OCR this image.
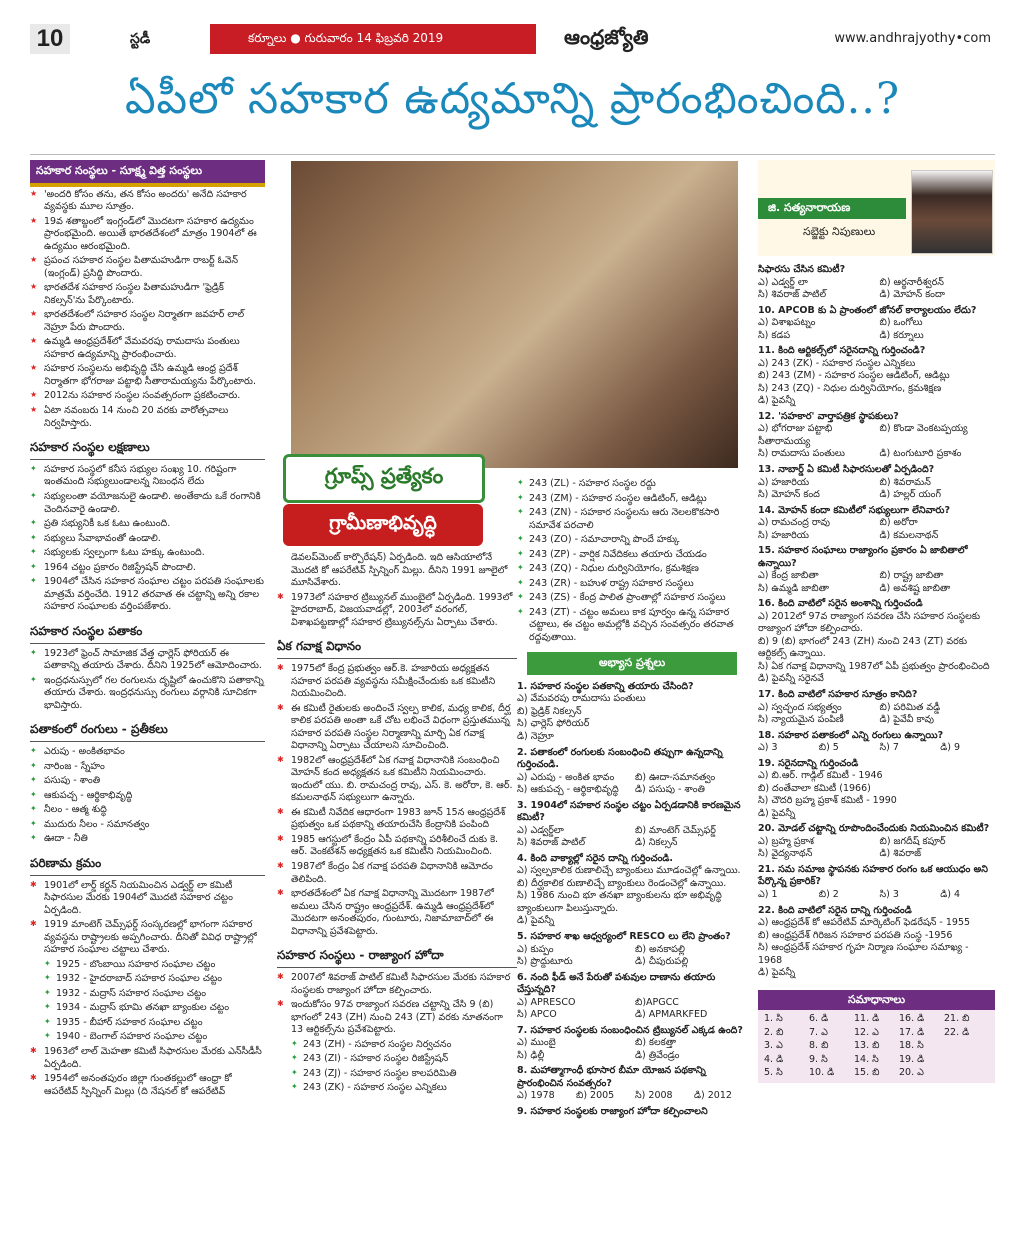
10	స్టడీ	కర్నూలు ● గురువారం 14 ఫిబ్రవరి 2019	ఆంధ్రజ్యోతి	www.andhrajyothy•com
ఏపీలో సహకార ఉద్యమాన్ని ప్రారంభించింది..?
సహకార సంస్థలు - సూక్ష్మ విత్త సంస్థలు
★ 'అందరి కోసం తను, తన కోసం అందరు' అనేది సహకార వ్యవస్థకు మూల సూత్రం.
★ 19వ శతాబ్దంలో ఇంగ్లండ్‌లో మొదటగా సహకార ఉద్యమం ప్రారంభమైంది. అయితే భారతదేశంలో మాత్రం 1904లో ఈ ఉద్యమం ఆరంభమైంది.
★ ప్రపంచ సహకార సంస్థల పితామహుడిగా రాబర్ట్ ఓవెన్ (ఇంగ్లండ్) ప్రసిద్ధి పొందారు.
★ భారతదేశ సహకార సంస్థల పితామహుడిగా 'ఫ్రెడ్రిక్ నికల్సన్'ను పేర్కొంటారు.
★ భారతదేశంలో సహకార సంస్థల నిర్మాతగా జవహర్ లాల్ నెహ్రూ పేరు పొందారు.
★ ఉమ్మడి ఆంధ్రప్రదేశ్‌లో వేమవరపు రామదాసు పంతులు సహకార ఉద్యమాన్ని ప్రారంభించారు.
★ సహకార సంస్థలను అభివృద్ధి చేసి ఉమ్మడి ఆంధ్ర ప్రదేశ్ నిర్మాతగా భోగరాజు పట్టాభి సీతారామయ్యను పేర్కొంటారు.
★ 2012ను సహకార సంస్థల సంవత్సరంగా ప్రకటించారు.
★ ఏటా నవంబరు 14 నుంచి 20 వరకు వారోత్సవాలు నిర్వహిస్తారు.
సహకార సంస్థల లక్షణాలు
✦ సహకార సంస్థలో కనీస సభ్యుల సంఖ్య 10. గరిష్టంగా ఇంతమంది సభ్యులుండాలన్న నిబంధన లేదు
✦ సభ్యులంతా వయోజనులై ఉండాలి. అంతేకాదు ఒకే రంగానికి చెందినవారై ఉండాలి.
✦ ప్రతి సభ్యునికీ ఒక ఓటు ఉంటుంది.
✦ సభ్యులు సేవాభావంతో ఉండాలి.
✦ సభ్యులకు స్వల్పంగా ఓటు హక్కు ఉంటుంది.
✦ 1964 చట్టం ప్రకారం రిజిస్ట్రేషన్ పొందాలి.
✦ 1904లో చేసిన సహకార సంఘాల చట్టం పరపతి సంఘాలకు మాత్రమే వర్తించేది. 1912 తరవాత ఈ చట్టాన్ని అన్ని రకాల సహకార సంఘాలకు వర్తింపజేశారు.
సహకార సంస్థల పతాకం
✦ 1923లో ఫ్రెంచ్ సామాజిక వేత్త ఛార్లెస్ ఫోరియర్ ఈ పతాకాన్ని తయారు చేశారు. దీనిని 1925లో ఆమోదించారు.
✦ ఇంద్రధనుస్సులో గల రంగులను దృష్టిలో ఉంచుకొని పతాకాన్ని తయారు చేశారు. ఇంద్రధనుస్సు రంగులు వర్గానికి సూచికగా భావిస్తారు.
పతాకంలో రంగులు - ప్రతీకలు
✦ ఎరుపు - అంకితభావం
✦ నారింజ - స్నేహం
✦ పసుపు - శాంతి
✦ ఆకుపచ్చ - ఆర్థికాభివృద్ధి
✦ నీలం - ఆత్మ శుద్ధి
✦ ముదురు నీలం - సమానత్వం
✦ ఊదా - నీతి
పరిణామ క్రమం
✱ 1901లో లార్డ్ కర్జన్ నియమించిన ఎడ్వర్డ్ లా కమిటీ సిఫారసుల మేరకు 1904లో మొదటి సహకార చట్టం ఏర్పడింది.
✱ 1919 మాంటెగ్ చెమ్స్‌ఫర్డ్ సంస్కరణల్లో భాగంగా సహకార వ్యవస్థను రాష్ట్రాలకు అప్పగించారు. దీనితో వివిధ రాష్ట్రాల్లో సహకార సంఘాల చట్టాలు చేశారు.
✦ 1925 - బొంబాయి సహకార సంఘాల చట్టం
✦ 1932 - హైదరాబాద్ సహకార సంఘాల చట్టం
✦ 1932 - మద్రాస్ సహకార సంఘాల చట్టం
✦ 1934 - మద్రాస్ భూమి తనఖా బ్యాంకుల చట్టం
✦ 1935 - బీహార్ సహకార సంఘాల చట్టం
✦ 1940 - బెంగాల్ సహకార సంఘాల చట్టం
✱ 1963లో లాల్ మెహతా కమిటీ సిఫారసుల మేరకు ఎన్‌సీడీసీ ఏర్పడింది.
✱ 1954లో అనంతపురం జిల్లా గుంతకల్లులో ఆంధ్రా కో ఆపరేటివ్ స్పిన్నింగ్ మిల్లు (ది నేషనల్ కో ఆపరేటివ్
గ్రూప్స్ ప్రత్యేకం
గ్రామీణాభివృద్ధి
డెవలప్‌మెంట్ కార్పొరేషన్) ఏర్పడింది. ఇది ఆసియాలోనే మొదటి కో ఆపరేటివ్ స్పిన్నింగ్ మిల్లు. దీనిని 1991 జూలైలో మూసివేశారు.
✱ 1973లో సహకార ట్రిబ్యునల్ ముంబైలో ఏర్పడింది. 1993లో హైదరాబాద్, విజయవాడల్లో, 2003లో వరంగల్, విశాఖపట్టణాల్లో సహకార ట్రిబ్యునల్స్‌ను ఏర్పాటు చేశారు.
ఏక గవాక్ష విధానం
✱ 1975లో కేంద్ర ప్రభుత్వం ఆర్.కె. హజారియ అధ్యక్షతన సహకార పరపతి వ్యవస్థను సమీక్షించేందుకు ఒక కమిటీని నియమించింది.
✱ ఈ కమిటీ రైతులకు అందించే స్వల్ప కాలిక, మధ్య కాలిక, దీర్ఘ కాలిక పరపతి అంతా ఒకే చోట లభించే విధంగా ప్రస్తుతమున్న సహకార పరపతి సంస్థల నిర్మాణాన్ని మార్చి ఏక గవాక్ష విధానాన్ని ఏర్పాటు చేయాలని సూచించింది.
✱ 1982లో ఆంధ్రప్రదేశ్‌లో ఏక గవాక్ష విధానానికి సంబంధించి మోహన్ కంద అధ్యక్షతన ఒక కమిటీని నియమించారు. ఇందులో యు. బి. రామచంద్ర రావు, ఎస్. కె. అరోరా, కె. ఆర్. కమలనాథన్ సభ్యులుగా ఉన్నారు.
✱ ఈ కమిటీ నివేదిక ఆధారంగా 1983 జూన్ 15న ఆంధ్రప్రదేశ్ ప్రభుత్వం ఒక పథకాన్ని తయారుచేసి కేంద్రానికి పంపింది
✱ 1985 ఆగస్టులో కేంద్రం ఏపీ పథకాన్ని పరిశీలించే దుకు కె. ఆర్. వెంకటేశన్ అధ్యక్షతన ఒక కమిటీని నియమించింది.
✱ 1987లో కేంద్రం ఏక గవాక్ష పరపతి విధానానికి ఆమోదం తెలిపింది.
✱ భారతదేశంలో ఏక గవాక్ష విధానాన్ని మొదటగా 1987లో అమలు చేసిన రాష్ట్రం ఆంధ్రప్రదేశ్. ఉమ్మడి ఆంధ్రప్రదేశ్‌లో మొదటగా అనంతపురం, గుంటూరు, నిజామాబాద్‌లో ఈ విధానాన్ని ప్రవేశపెట్టారు.
సహకార సంస్థలు - రాజ్యాంగ హోదా
✱ 2007లో శివరాజ్ పాటిల్ కమిటీ సిఫారసుల మేరకు సహకార సంస్థలకు రాజ్యాంగ హోదా కల్పించారు.
✱ ఇందుకోసం 97వ రాజ్యాంగ సవరణ చట్టాన్ని చేసి 9 (బి) భాగంలో 243 (ZH) నుంచి 243 (ZT) వరకు నూతనంగా 13 ఆర్టికల్స్‌ను ప్రవేశపెట్టారు.
✦ 243 (ZH) - సహకార సంస్థల నిర్వచనం
✦ 243 (ZI) - సహకార సంస్థల రిజిస్ట్రేషన్
✦ 243 (ZJ) - సహకార సంస్థల కాలపరిమితి
✦ 243 (ZK) - సహకార సంస్థల ఎన్నికలు
✦ 243 (ZL) - సహకార సంస్థల రద్దు
✦ 243 (ZM) - సహకార సంస్థల ఆడిటింగ్, ఆడిట్లు
✦ 243 (ZN) - సహకార సంస్థలను ఆరు నెలలకొకసారి సమావేశ పరచాలి
✦ 243 (ZO) - సమాచారాన్ని పొందే హక్కు
✦ 243 (ZP) - వార్షిక నివేదికలు తయారు చేయడం
✦ 243 (ZQ) - నిధుల దుర్వినియోగం, క్రమశిక్షణ
✦ 243 (ZR) - బహుళ రాష్ట్ర సహకార సంస్థలు
✦ 243 (ZS) - కేంద్ర పాలిత ప్రాంతాల్లో సహకార సంస్థలు
✦ 243 (ZT) - చట్టం అమలు కాక పూర్వం ఉన్న సహకార చట్టాలు, ఈ చట్టం అమల్లోకి వచ్చిన సంవత్సరం తరవాత రద్దవుతాయి.
అభ్యాస ప్రశ్నలు
1. సహకార సంస్థల పతకాన్ని తయారు చేసింది?
ఎ) వేమవరపు రామదాసు పంతులు
బి) ఫ్రెడ్రిక్ నికల్సన్
సి) ఛార్లెస్ ఫోరియర్
డి) నెహ్రూ
2. పతాకంలో రంగులకు సంబంధించి తప్పుగా ఉన్నదాన్ని గుర్తించండి.
ఎ) ఎరుపు - అంకిత భావం	బి) ఊదా-సమానత్వం
సి) ఆకుపచ్చ - ఆర్థికాభివృద్ధి	డి) పసుపు - శాంతి
3. 1904లో సహకార సంస్థల చట్టం ఏర్పడడానికి కారణమైన కమిటీ?
ఎ) ఎడ్వర్డ్‌లా	బి) మాంటెగ్ చెమ్స్‌ఫర్డ్
సి) శివరాజ్ పాటిల్	డి) నికల్సన్
4. కింది వాక్యాల్లో సరైన దాన్ని గుర్తించండి.
ఎ) స్వల్పకాలిక రుణాలిచ్చే బ్యాంకులు మూడంచెల్లో ఉన్నాయి.
బి) దీర్ఘకాలిక రుణాలిచ్చే బ్యాంకులు రెండంచెల్లో ఉన్నాయి.
సి) 1986 నుంచి భూ తనఖా బ్యాంకులను భూ అభివృద్ధి బ్యాంకులుగా పిలుస్తున్నారు.
డి) పైవన్నీ
5. సహకార శాఖ ఆధ్వర్యంలో RESCO లు లేని ప్రాంతం?
ఎ) కుప్పం	బి) అనకాపల్లి
సి) ప్రొద్దుటూరు	డి) చీపురుపల్లి
6. నంది ఫీడ్ అనే పేరుతో పశువుల దాణాను తయారు చేస్తున్నది?
ఎ) APRESCO	బి)APGCC
సి) APCO	డి) APMARKFED
7. సహకార సంస్థలకు సంబంధించిన ట్రిబ్యునల్ ఎక్కడ ఉంది?
ఎ) ముంబై	బి) కలకత్తా
సి) ఢిల్లీ	డి) త్రివేండ్రం
8. మహాత్మాగాంధీ భూసార బీమా యోజన పథకాన్ని ప్రారంభించిన సంవత్సరం?
ఎ) 1978	బి) 2005	సి) 2008	డి) 2012
9. సహకార సంస్థలకు రాజ్యాంగ హోదా కల్పించాలని
జి. సత్యనారాయణ
సబ్జెక్టు నిపుణులు
సిఫారసు చేసిన కమిటీ?
ఎ) ఎడ్వర్డ్ లా	బి) ఆర్థనారీశ్వరన్
సి) శివరాజ్ పాటిల్	డి) మోహన్ కందా
10. APCOB కు ఏ ప్రాంతంలో జోనల్ కార్యాలయం లేదు?
ఎ) విశాఖపట్నం	బి) ఒంగోలు
సి) కడప	డి) కర్నూలు
11. కింది ఆర్టికల్స్‌లో సరైనదాన్ని గుర్తించండి?
ఎ) 243 (ZK) - సహకార సంస్థల ఎన్నికలు
బి) 243 (ZM) - సహకార సంస్థల ఆడిటింగ్, ఆడిట్లు
సి) 243 (ZQ) - నిధుల దుర్వినియోగం, క్రమశిక్షణ
డి) పైవన్నీ
12. 'సహకార' వార్తాపత్రిక స్థాపకులు?
ఎ) భోగరాజు పట్టాభి సీతారామయ్య
బి) కొండా వెంకటప్పయ్య
సి) రామదాసు పంతులు	డి) టంగుటూరి ప్రకాశం
13. నాబార్డ్ ఏ కమిటీ సిఫారసులతో ఏర్పడింది?
ఎ) హజారియ	బి) శివరామన్
సి) మోహన్ కంద	డి) హల్లర్ యంగ్
14. మోహన్ కందా కమిటీలో సభ్యులుగా లేనివారు?
ఎ) రామచంద్ర రావు	బి) అరోరా
సి) హజారియ	డి) కమలనాథన్
15. సహకార సంఘాలు రాజ్యాంగం ప్రకారం ఏ జాబితాలో ఉన్నాయి?
ఎ) కేంద్ర జాబితా	బి) రాష్ట్ర జాబితా
సి) ఉమ్మడి జాబితా	డి) అవశిష్ట జాబితా
16. కింది వాటిలో సరైన అంశాన్ని గుర్తించండి
ఎ) 2012లో 97వ రాజ్యాంగ సవరణ చేసి సహకార సంస్థలకు రాజ్యాంగ హోదా కల్పించారు.
బి) 9 (బి) భాగంలో 243 (ZH) నుంచి 243 (ZT) వరకు ఆర్టికల్స్ ఉన్నాయి.
సి) ఏక గవాక్ష విధానాన్ని 1987లో ఏపీ ప్రభుత్వం ప్రారంభించింది
డి) పైవన్నీ సరైనవే
17. కింది వాటిలో సహకార సూత్రం కానిది?
ఎ) స్వచ్ఛంద సభ్యత్వం	బి) పరిమిత వడ్డీ
సి) న్యాయమైన పంపిణీ	డి) పైవేవీ కావు
18. సహకార పతాకంలో ఎన్ని రంగులు ఉన్నాయి?
ఎ) 3	బి) 5	సి) 7	డి) 9
19. సరైనదాన్ని గుర్తించండి
ఎ) బి.ఆర్. గాడ్గిల్ కమిటీ - 1946
బి) దంతేవాలా కమిటీ (1966)
సి) చౌదరి బ్రహ్మ ప్రకాశ్ కమిటీ - 1990
డి) పైవన్నీ
20. మోడల్ చట్టాన్ని రూపొందించేందుకు నియమించిన కమిటీ?
ఎ) బ్రహ్మ ప్రకాశ	బి) జగదీష్ కపూర్
సి) వైద్యనాథన్	డి) శివరాజ్
21. సమ సమాజ స్థాపనకు సహకార రంగం ఒక ఆయుధం అని పేర్కొన్న ప్రకారిక్?
ఎ) 1	బి) 2	సి) 3	డి) 4
22. కింది వాటిలో సరైన దాన్ని గుర్తించండి
ఎ) ఆంధ్రప్రదేశ్ కో ఆపరేటివ్ మార్కెటింగ్ ఫెడరేషన్ - 1955
బి) ఆంధ్రప్రదేశ్ గిరిజన సహకార పరపతి సంస్థ -1956
సి) ఆంధ్రప్రదేశ్ సహకార గృహ నిర్మాణ సంఘాల సమాఖ్య - 1968
డి) పైవన్నీ
సమాధానాలు
1. సి	6. డి	11. డి	16. డి	21. బి
2. బి	7. ఎ	12. ఎ	17. డి	22. డి
3. ఎ	8. బి	13. బి	18. సి
4. డి	9. సి	14. సి	19. డి
5. సి	10. డి	15. బి	20. ఎ
